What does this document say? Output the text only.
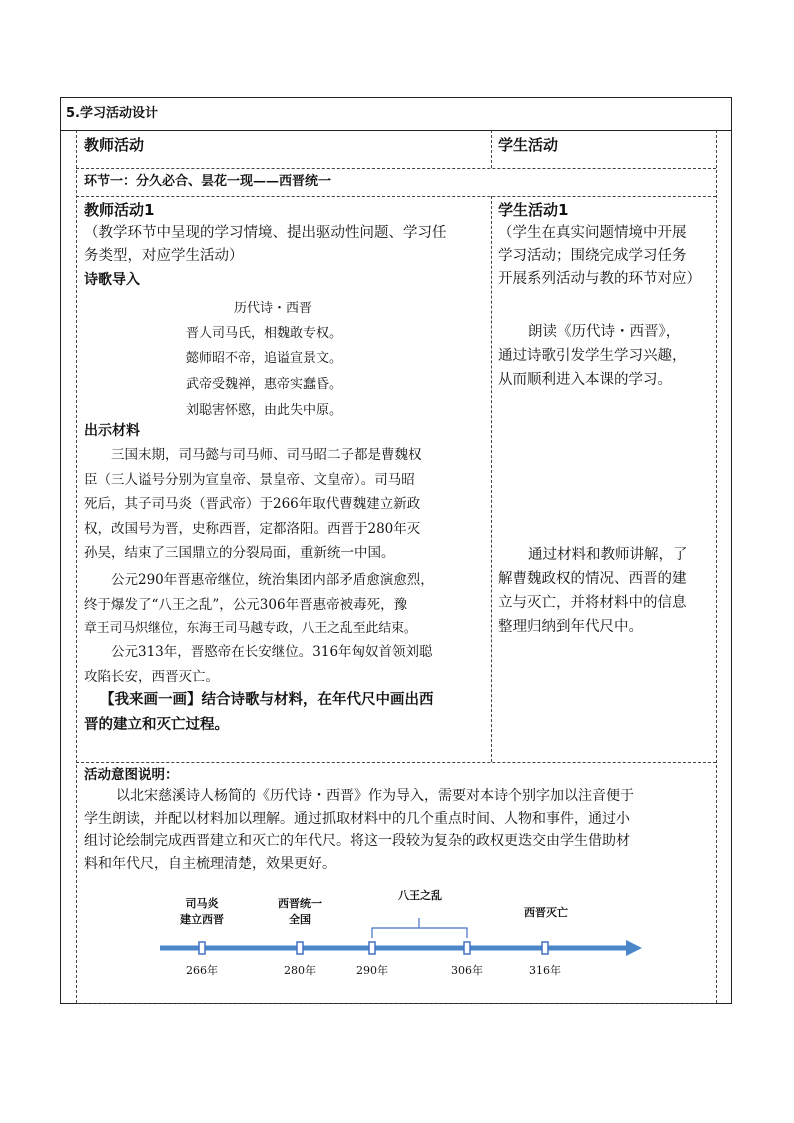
5.学习活动设计
教师活动	学生活动
环节一：分久必合、昙花一现——西晋统一
教师活动1
（教学环节中呈现的学习情境、提出驱动性问题、学习任
务类型，对应学生活动）
诗歌导入
历代诗・西晋
晋人司马氏，相魏敢专权。
懿师昭不帝，追谥宣景文。
武帝受魏禅，惠帝实蠢昏。
刘聪害怀愍，由此失中原。
出示材料
三国末期，司马懿与司马师、司马昭二子都是曹魏权
臣（三人谥号分别为宣皇帝、景皇帝、文皇帝）。司马昭
死后，其子司马炎（晋武帝）于266年取代曹魏建立新政
权，改国号为晋，史称西晋，定都洛阳。西晋于280年灭
孙吴，结束了三国鼎立的分裂局面，重新统一中国。
公元290年晋惠帝继位，统治集团内部矛盾愈演愈烈，
终于爆发了“八王之乱”，公元306年晋惠帝被毒死，豫
章王司马炽继位，东海王司马越专政，八王之乱至此结束。
公元313年，晋愍帝在长安继位。316年匈奴首领刘聪
攻陷长安，西晋灭亡。
【我来画一画】结合诗歌与材料，在年代尺中画出西
晋的建立和灭亡过程。
学生活动1
（学生在真实问题情境中开展
学习活动；围绕完成学习任务
开展系列活动与教的环节对应）
朗读《历代诗・西晋》，
通过诗歌引发学生学习兴趣，
从而顺利进入本课的学习。
通过材料和教师讲解，了
解曹魏政权的情况、西晋的建
立与灭亡，并将材料中的信息
整理归纳到年代尺中。
活动意图说明：
以北宋慈溪诗人杨简的《历代诗・西晋》作为导入，需要对本诗个别字加以注音便于
学生朗读，并配以材料加以理解。通过抓取材料中的几个重点时间、人物和事件，通过小
组讨论绘制完成西晋建立和灭亡的年代尺。将这一段较为复杂的政权更迭交由学生借助材
料和年代尺，自主梳理清楚，效果更好。
司马炎
建立西晋
西晋统一
全国
八王之乱
西晋灭亡
266年	280年	290年	306年	316年
